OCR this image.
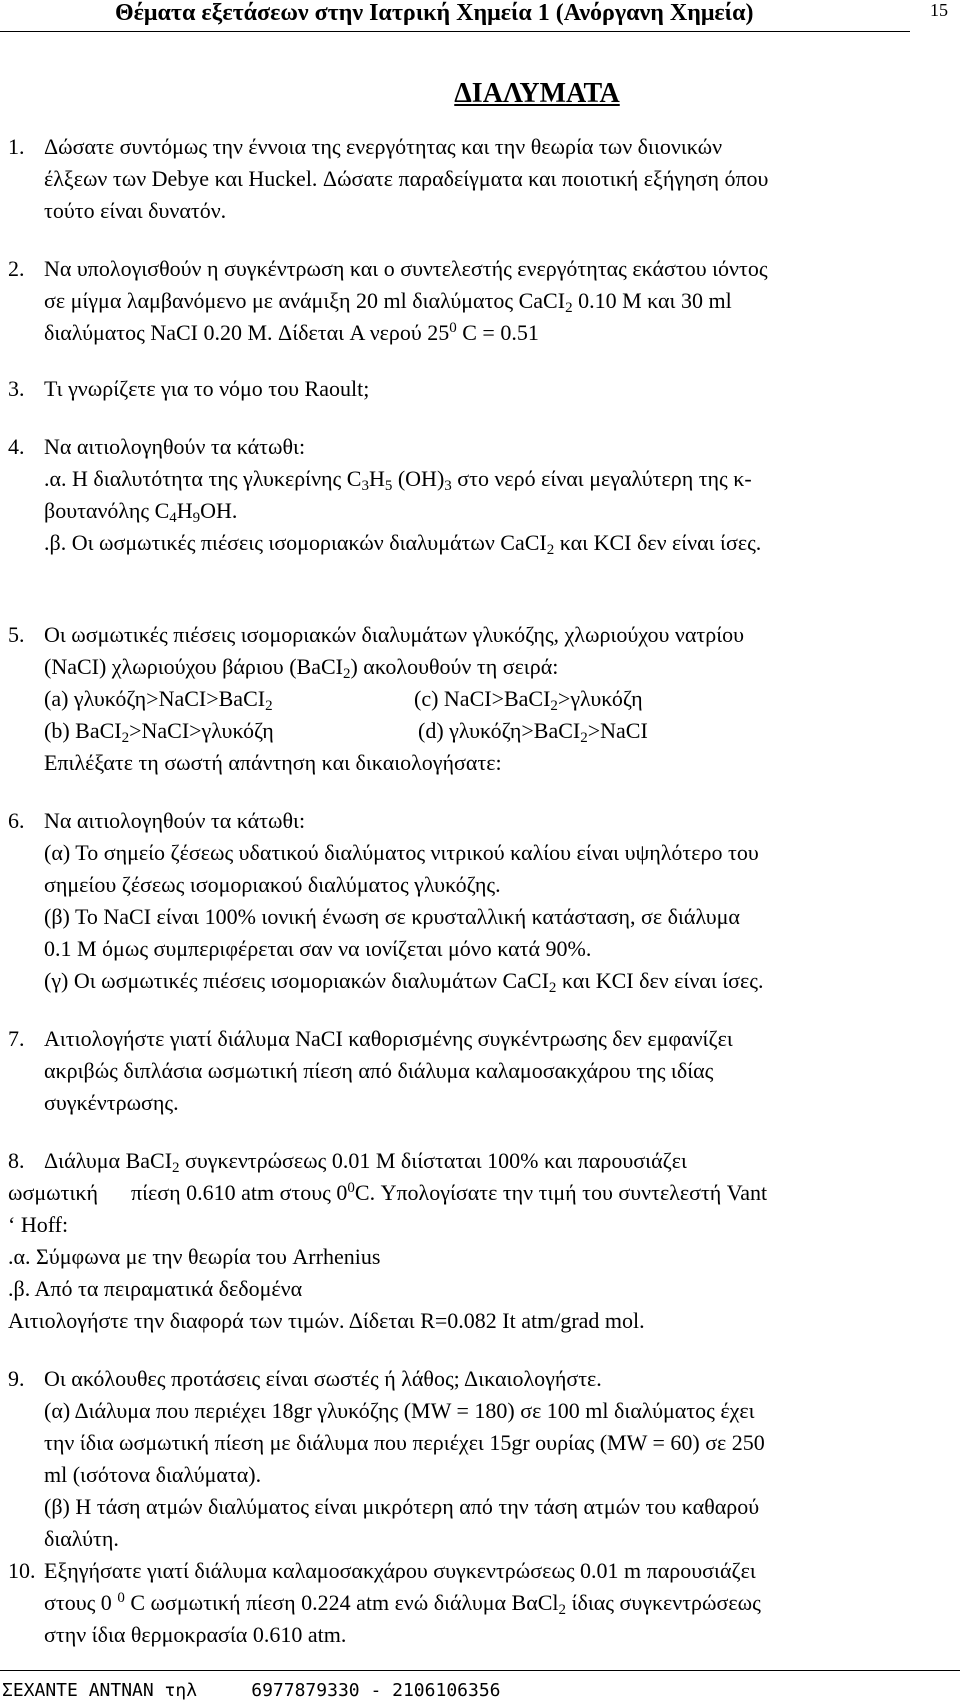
Θέματα εξετάσεων στην Ιατρική Χημεία 1 (Ανόργανη Χημεία)	15
ΔΙΑΛΥΜΑΤΑ
1. Δώσατε συντόμως την έννοια της ενεργότητας και την θεωρία των διιονικών
έλξεων των Debye και Huckel. Δώσατε παραδείγματα και ποιοτική εξήγηση όπου
τούτο είναι δυνατόν.
2. Να υπολογισθούν η συγκέντρωση και ο συντελεστής ενεργότητας εκάστου ιόντος
σε μίγμα λαμβανόμενο με ανάμιξη 20 ml διαλύματος CaCI$_2$ 0.10 M και 30 ml
διαλύματος NaCI 0.20 M. Δίδεται A νερού $25^0$ C = 0.51
3. Τι γνωρίζετε για το νόμο του Raoult;
4. Να αιτιολογηθούν τα κάτωθι:
.α. Η διαλυτότητα της γλυκερίνης $C_3H_5$ $(OH)_3$ στο νερό είναι μεγαλύτερη της κ-
βουτανόλης $C_4H_9OH$.
.β. Οι ωσμωτικές πιέσεις ισομοριακών διαλυμάτων CaCI$_2$ και KCI δεν είναι ίσες.
5. Οι ωσμωτικές πιέσεις ισομοριακών διαλυμάτων γλυκόζης, χλωριούχου νατρίου
(NaCI) χλωριούχου βάριου (BaCI$_2$) ακολουθούν τη σειρά:
(a) γλυκόζη>NaCI>BaCI$_2$	(c) NaCI>BaCI$_2$>γλυκόζη
(b) BaCI$_2$>NaCI>γλυκόζη	(d) γλυκόζη>BaCI$_2$>NaCI
Επιλέξατε τη σωστή απάντηση και δικαιολογήσατε:
6. Να αιτιολογηθούν τα κάτωθι:
(α) Το σημείο ζέσεως υδατικού διαλύματος νιτρικού καλίου είναι υψηλότερο του
σημείου ζέσεως ισομοριακού διαλύματος γλυκόζης.
(β) Το NaCI είναι 100% ιονική ένωση σε κρυσταλλική κατάσταση, σε διάλυμα
0.1 M όμως συμπεριφέρεται σαν να ιονίζεται μόνο κατά 90%.
(γ) Οι ωσμωτικές πιέσεις ισομοριακών διαλυμάτων CaCI$_2$ και KCI δεν είναι ίσες.
7. Αιτιολογήστε γιατί διάλυμα NaCI καθορισμένης συγκέντρωσης δεν εμφανίζει
ακριβώς διπλάσια ωσμωτική πίεση από διάλυμα καλαμοσακχάρου της ιδίας
συγκέντρωσης.
8. Διάλυμα BaCI$_2$ συγκεντρώσεως 0.01 M διίσταται 100% και παρουσιάζει
ωσμωτική      πίεση 0.610 atm στους $0^0C$. Υπολογίσατε την τιμή του συντελεστή Vant
‘ Hoff:
.α. Σύμφωνα με την θεωρία του Arrhenius
.β. Από τα πειραματικά δεδομένα
Αιτιολογήστε την διαφορά των τιμών. Δίδεται R=0.082 It atm/grad mol.
9. Οι ακόλουθες προτάσεις είναι σωστές ή λάθος; Δικαιολογήστε.
(α) Διάλυμα που περιέχει 18gr γλυκόζης (MW = 180) σε 100 ml διαλύματος έχει
την ίδια ωσμωτική πίεση με διάλυμα που περιέχει 15gr ουρίας (MW = 60) σε 250
ml (ισότονα διαλύματα).
(β) Η τάση ατμών διαλύματος είναι μικρότερη από την τάση ατμών του καθαρού
διαλύτη.
10. Εξηγήσατε γιατί διάλυμα καλαμοσακχάρου συγκεντρώσεως 0.01 m παρουσιάζει
στους 0 $^0$ C ωσμωτική πίεση 0.224 atm ενώ διάλυμα BαCl$_2$ ίδιας συγκεντρώσεως
στην ίδια θερμοκρασία 0.610 atm.
ΣΕΧΑΝΤΕ ΑΝΤΝΑΝ τηλ     6977879330 - 2106106356
